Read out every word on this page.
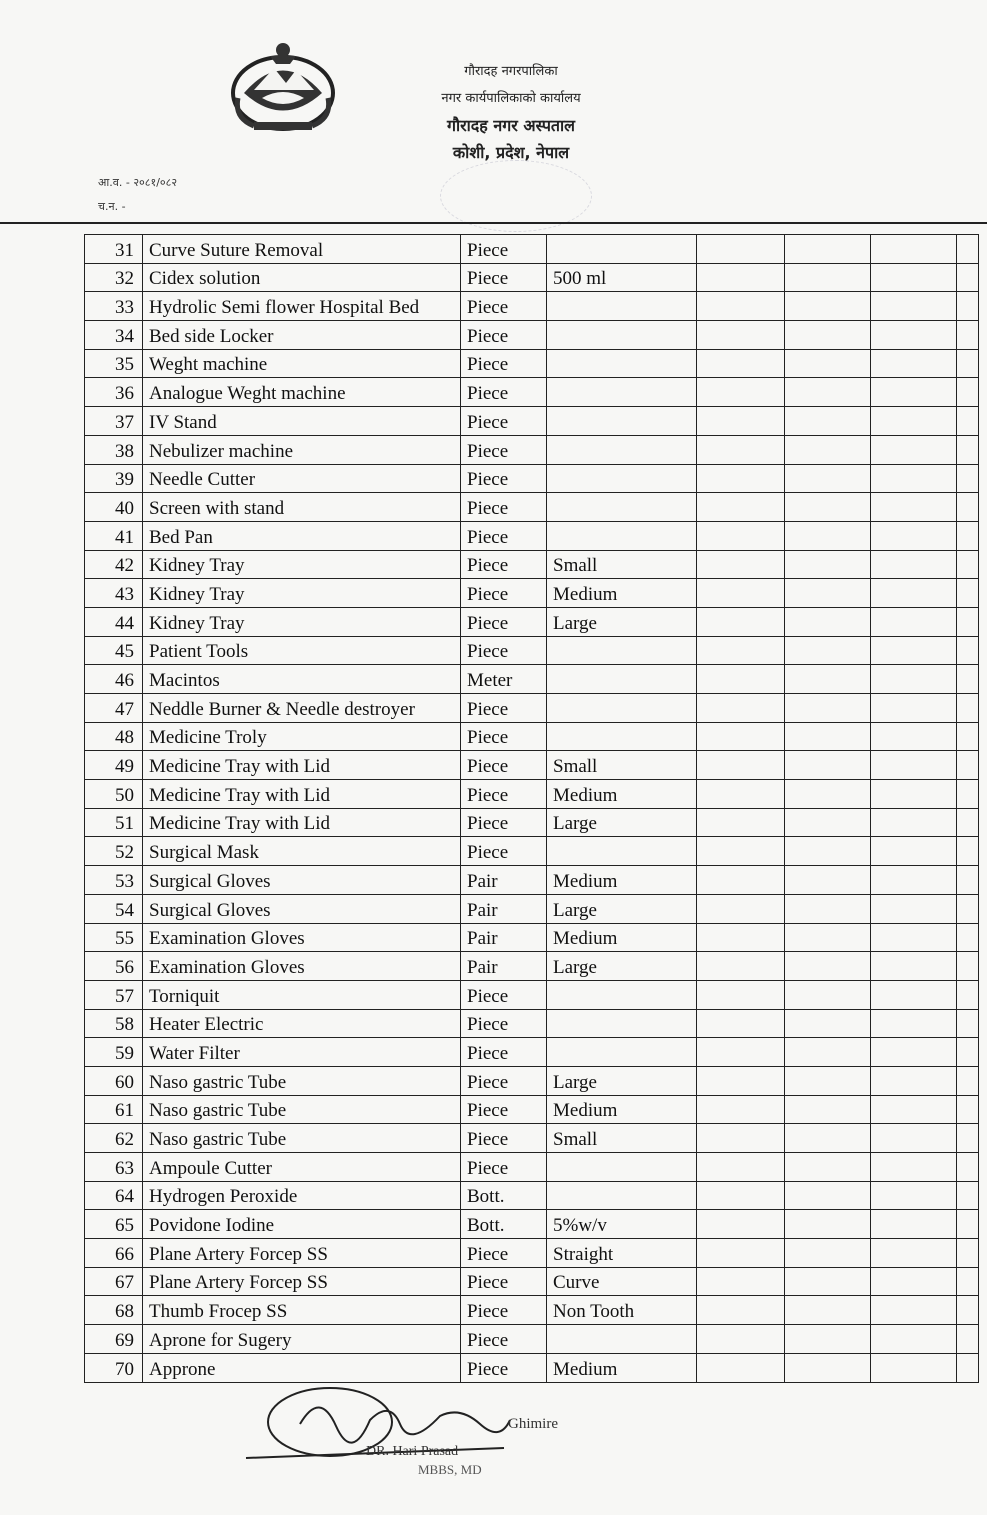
गौरादह नगरपालिका
नगर कार्यपालिकाको कार्यालय
गौरादह नगर अस्पताल
कोशी, प्रदेश, नेपाल
आ.व. - २०८१/०८२
च.न. -
31	Curve Suture Removal	Piece					
32	Cidex solution	Piece	500 ml				
33	Hydrolic Semi flower Hospital Bed	Piece					
34	Bed side Locker	Piece					
35	Weght machine	Piece					
36	Analogue Weght machine	Piece					
37	IV Stand	Piece					
38	Nebulizer machine	Piece					
39	Needle Cutter	Piece					
40	Screen with stand	Piece					
41	Bed Pan	Piece					
42	Kidney Tray	Piece	Small				
43	Kidney Tray	Piece	Medium				
44	Kidney Tray	Piece	Large				
45	Patient Tools	Piece					
46	Macintos	Meter					
47	Neddle Burner & Needle destroyer	Piece					
48	Medicine Troly	Piece					
49	Medicine Tray with Lid	Piece	Small				
50	Medicine Tray with Lid	Piece	Medium				
51	Medicine Tray with Lid	Piece	Large				
52	Surgical Mask	Piece					
53	Surgical Gloves	Pair	Medium				
54	Surgical Gloves	Pair	Large				
55	Examination Gloves	Pair	Medium				
56	Examination Gloves	Pair	Large				
57	Torniquit	Piece					
58	Heater Electric	Piece					
59	Water Filter	Piece					
60	Naso gastric Tube	Piece	Large				
61	Naso gastric Tube	Piece	Medium				
62	Naso gastric Tube	Piece	Small				
63	Ampoule Cutter	Piece					
64	Hydrogen Peroxide	Bott.					
65	Povidone Iodine	Bott.	5%w/v				
66	Plane Artery Forcep SS	Piece	Straight				
67	Plane Artery Forcep SS	Piece	Curve				
68	Thumb Frocep SS	Piece	Non Tooth				
69	Aprone for Sugery	Piece					
70	Approne	Piece	Medium				
Ghimire
DR. Hari Prasad
MBBS, MD
